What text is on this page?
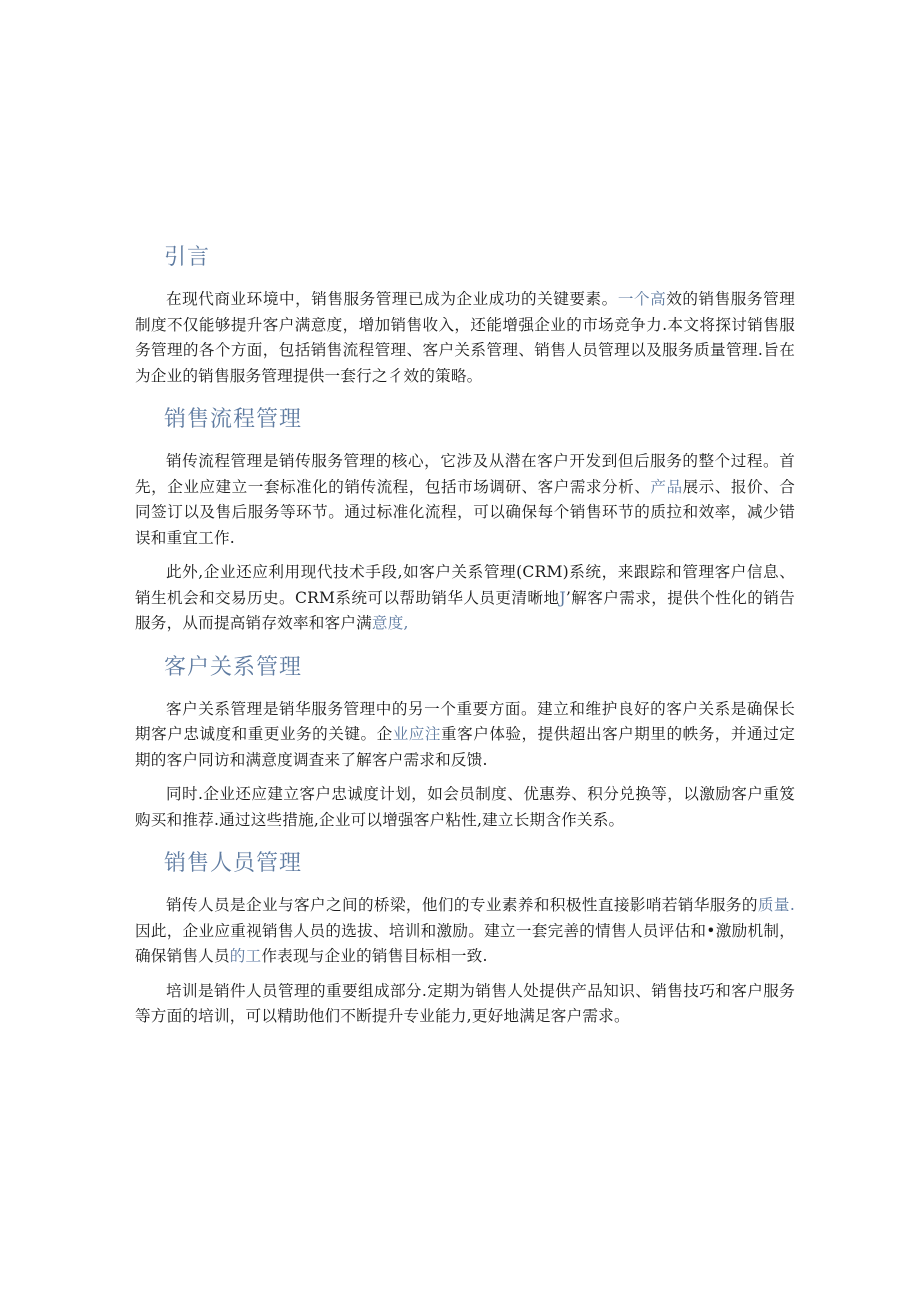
引言

在现代商业环境中，销售服务管理已成为企业成功的关键要素。一个高效的销售服务管理制度不仅能够提升客户满意度，增加销售收入，还能增强企业的市场竞争力.本文将探讨销售服务管理的各个方面，包括销售流程管理、客户关系管理、销售人员管理以及服务质量管理.旨在为企业的销售服务管理提供一套行之彳效的策略。

销售流程管理

销传流程管理是销传服务管理的核心，它涉及从潜在客户开发到但后服务的整个过程。首先，企业应建立一套标准化的销传流程，包括市场调研、客户需求分析、产品展示、报价、合同签订以及售后服务等环节。通过标准化流程，可以确保每个销售环节的质拉和效率，减少错误和重宜工作.

此外,企业还应利用现代技术手段,如客户关系管理(CRM)系统，来跟踪和管理客户信息、销生机会和交易历史。CRM系统可以帮助销华人员更清晰地J’解客户需求，提供个性化的销告服务，从而提高销存效率和客户满意度,

客户关系管理

客户关系管理是销华服务管理中的另一个重要方面。建立和维护良好的客户关系是确保长期客户忠诚度和重更业务的关键。企业应注重客户体验，提供超出客户期里的帙务，并通过定期的客户同访和满意度调査来了解客户需求和反馈.

同时.企业还应建立客户忠诚度计划，如会员制度、优惠券、积分兑换等，以激励客户重笈购买和推荐.通过这些措施,企业可以增强客户粘性,建立长期含作关系。

销售人员管理

销传人员是企业与客户之间的桥梁，他们的专业素养和积极性直接影哨若销华服务的质量.因此，企业应重视销售人员的选拔、培训和激励。建立一套完善的情售人员评估和•激励机制，确保销售人员的工作表现与企业的销售目标相一致.

培训是销件人员管理的重要组成部分.定期为销售人处提供产品知识、销售技巧和客户服务等方面的培训，可以精助他们不断提升专业能力,更好地满足客户需求。
